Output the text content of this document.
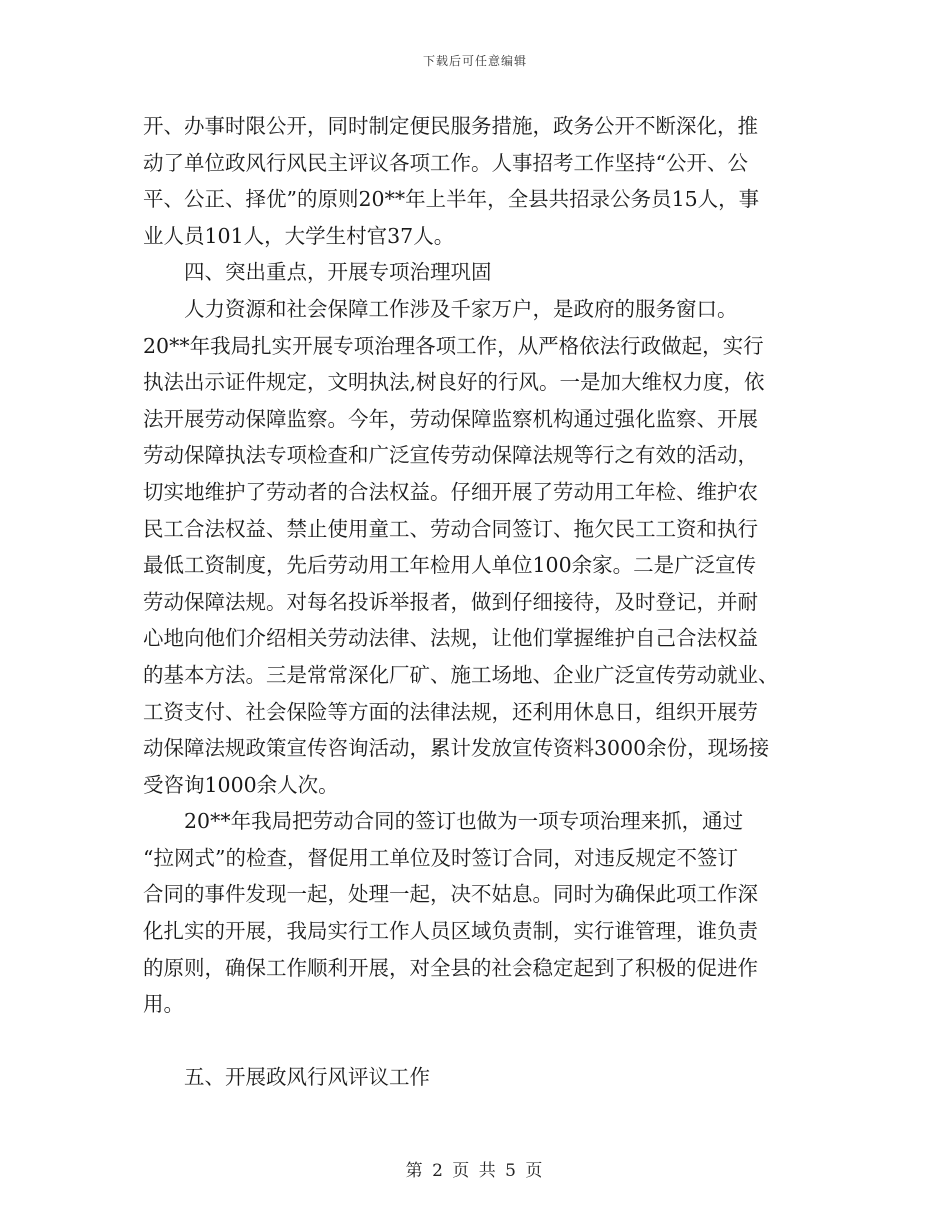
下载后可任意编辑
开、办事时限公开，同时制定便民服务措施，政务公开不断深化，推
动了单位政风行风民主评议各项工作。人事招考工作坚持“公开、公
平、公正、择优”的原则20**年上半年，全县共招录公务员15人，事
业人员101人，大学生村官37人。
　　四、突出重点，开展专项治理巩固
　　人力资源和社会保障工作涉及千家万户，是政府的服务窗口。
20**年我局扎实开展专项治理各项工作，从严格依法行政做起，实行
执法出示证件规定，文明执法,树良好的行风。一是加大维权力度，依
法开展劳动保障监察。今年，劳动保障监察机构通过强化监察、开展
劳动保障执法专项检查和广泛宣传劳动保障法规等行之有效的活动，
切实地维护了劳动者的合法权益。仔细开展了劳动用工年检、维护农
民工合法权益、禁止使用童工、劳动合同签订、拖欠民工工资和执行
最低工资制度，先后劳动用工年检用人单位100余家。二是广泛宣传
劳动保障法规。对每名投诉举报者，做到仔细接待，及时登记，并耐
心地向他们介绍相关劳动法律、法规，让他们掌握维护自己合法权益
的基本方法。三是常常深化厂矿、施工场地、企业广泛宣传劳动就业、
工资支付、社会保险等方面的法律法规，还利用休息日，组织开展劳
动保障法规政策宣传咨询活动，累计发放宣传资料3000余份，现场接
受咨询1000余人次。
　　20**年我局把劳动合同的签订也做为一项专项治理来抓，通过
“拉网式”的检查，督促用工单位及时签订合同，对违反规定不签订
合同的事件发现一起，处理一起，决不姑息。同时为确保此项工作深
化扎实的开展，我局实行工作人员区域负责制，实行谁管理，谁负责
的原则，确保工作顺利开展，对全县的社会稳定起到了积极的促进作
用。
　　五、开展政风行风评议工作
第 2 页 共 5 页
